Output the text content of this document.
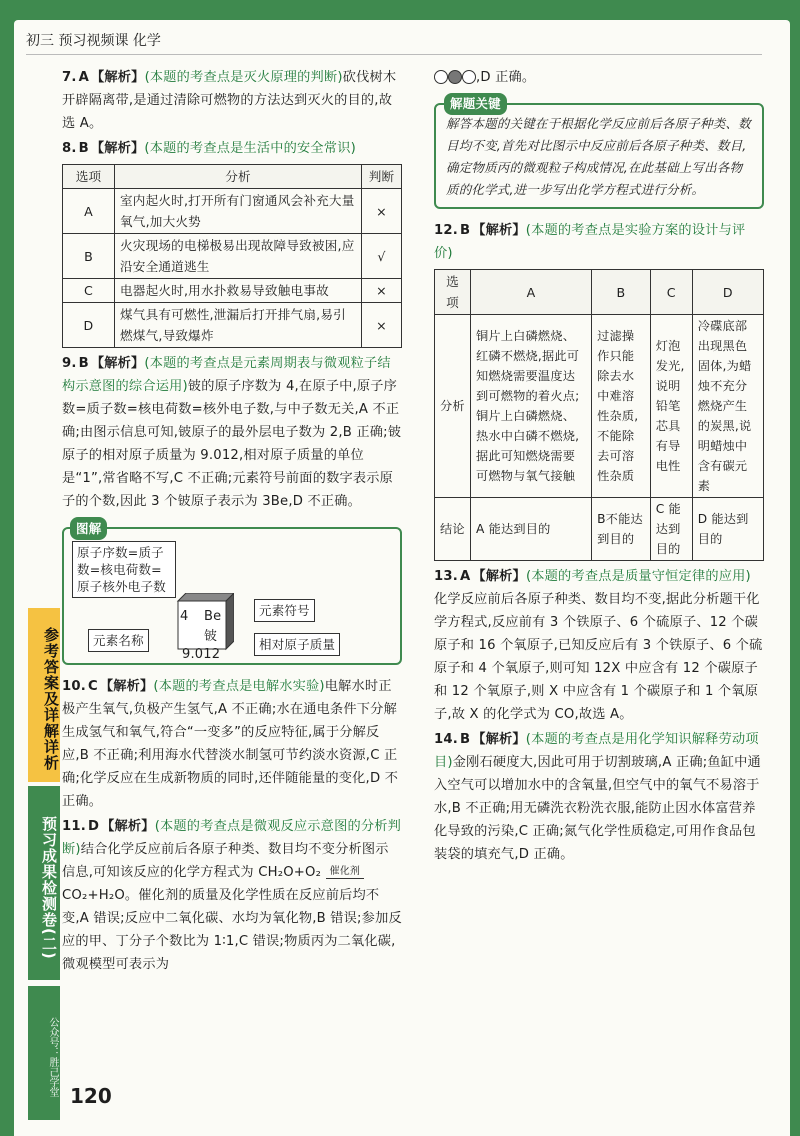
初三 预习视频课 化学
7. A 【解析】(本题的考查点是灭火原理的判断)砍伐树木开辟隔离带,是通过清除可燃物的方法达到灭火的目的,故选 A。
8. B 【解析】(本题的考查点是生活中的安全常识)
选项	分析	判断
A	室内起火时,打开所有门窗通风会补充大量氧气,加大火势	×
B	火灾现场的电梯极易出现故障导致被困,应沿安全通道逃生	√
C	电器起火时,用水扑救易导致触电事故	×
D	煤气具有可燃性,泄漏后打开排气扇,易引燃煤气,导致爆炸	×
9. B 【解析】(本题的考查点是元素周期表与微观粒子结构示意图的综合运用)铍的原子序数为 4,在原子中,原子序数=质子数=核电荷数=核外电子数,与中子数无关,A 不正确;由图示信息可知,铍原子的最外层电子数为 2,B 正确;铍原子的相对原子质量为 9.012,相对原子质量的单位是“1”,常省略不写,C 不正确;元素符号前面的数字表示原子的个数,因此 3 个铍原子表示为 3Be,D 不正确。
图解
原子序数=质子数=核电荷数=原子核外电子数
4 Be
铍
9.012
元素符号
元素名称	相对原子质量
10. C 【解析】(本题的考查点是电解水实验)电解水时正极产生氧气,负极产生氢气,A 不正确;水在通电条件下分解生成氢气和氧气,符合“一变多”的反应特征,属于分解反应,B 不正确;利用海水代替淡水制氢可节约淡水资源,C 正确;化学反应在生成新物质的同时,还伴随能量的变化,D 不正确。
11. D 【解析】(本题的考查点是微观反应示意图的分析判断)结合化学反应前后各原子种类、数目均不变分析图示信息,可知该反应的化学方程式为 CH₂O+O₂ 催化剂
CO₂+H₂O。催化剂的质量及化学性质在反应前后均不变,A 错误;反应中二氧化碳、水均为氧化物,B 错误;参加反应的甲、丁分子个数比为 1∶1,C 错误;物质丙为二氧化碳,微观模型可表示为
,D 正确。
解题关键
解答本题的关键在于根据化学反应前后各原子种类、数目均不变,首先对比图示中反应前后各原子种类、数目,确定物质丙的微观粒子构成情况,在此基础上写出各物质的化学式,进一步写出化学方程式进行分析。
12. B 【解析】(本题的考查点是实验方案的设计与评价)
选项	A	B	C	D
分析	铜片上白磷燃烧、红磷不燃烧,据此可知燃烧需要温度达到可燃物的着火点;铜片上白磷燃烧、热水中白磷不燃烧,据此可知燃烧需要可燃物与氧气接触	过滤操作只能除去水中难溶性杂质,不能除去可溶性杂质	灯泡发光,说明铅笔芯具有导电性	冷碟底部出现黑色固体,为蜡烛不充分燃烧产生的炭黑,说明蜡烛中含有碳元素
结论	A 能达到目的	B不能达到目的	C 能达到目的	D 能达到目的
13. A 【解析】(本题的考查点是质量守恒定律的应用)化学反应前后各原子种类、数目均不变,据此分析题干化学方程式,反应前有 3 个铁原子、6 个硫原子、12 个碳原子和 16 个氧原子,已知反应后有 3 个铁原子、6 个硫原子和 4 个氧原子,则可知 12X 中应含有 12 个碳原子和 12 个氧原子,则 X 中应含有 1 个碳原子和 1 个氧原子,故 X 的化学式为 CO,故选 A。
14. B 【解析】(本题的考查点是用化学知识解释劳动项目)金刚石硬度大,因此可用于切割玻璃,A 正确;鱼缸中通入空气可以增加水中的含氧量,但空气中的氧气不易溶于水,B 不正确;用无磷洗衣粉洗衣服,能防止因水体富营养化导致的污染,C 正确;氮气化学性质稳定,可用作食品包装袋的填充气,D 正确。
参考答案及详解详析
预习成果检测卷(二)
公众号：胜己学堂 120
